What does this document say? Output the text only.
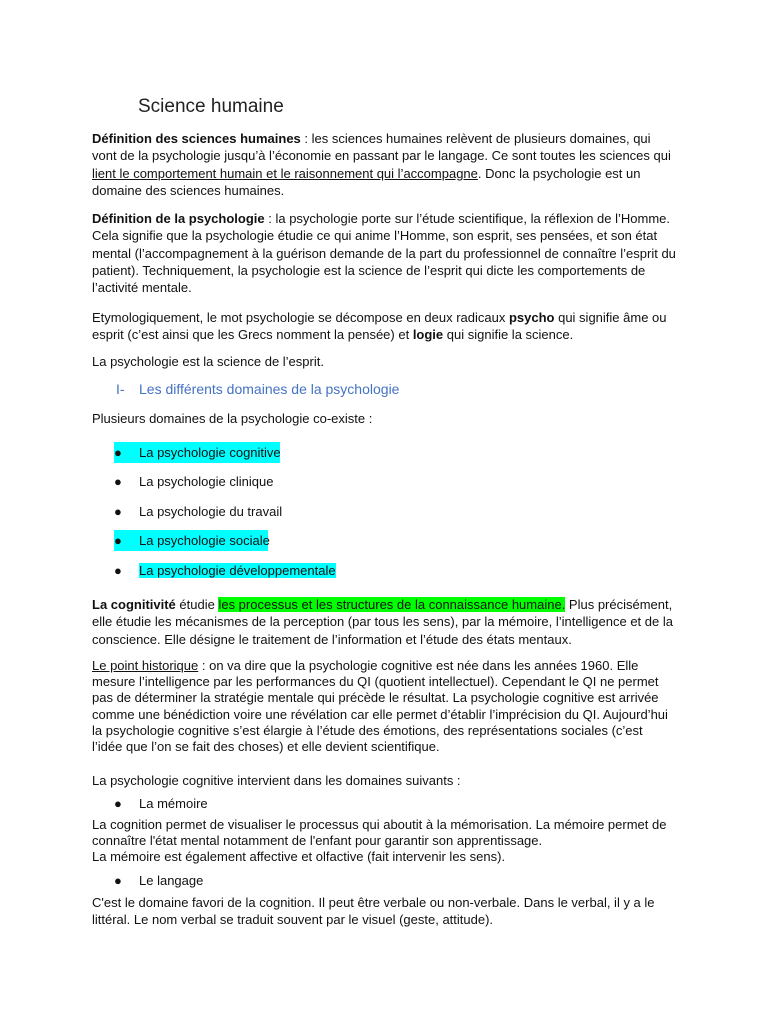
Science humaine

Définition des sciences humaines : les sciences humaines relèvent de plusieurs domaines, qui vont de la psychologie jusqu’à l’économie en passant par le langage. Ce sont toutes les sciences qui lient le comportement humain et le raisonnement qui l’accompagne. Donc la psychologie est un domaine des sciences humaines.

Définition de la psychologie : la psychologie porte sur l’étude scientifique, la réflexion de l’Homme. Cela signifie que la psychologie étudie ce qui anime l’Homme, son esprit, ses pensées, et son état mental (l’accompagnement à la guérison demande de la part du professionnel de connaître l’esprit du patient). Techniquement, la psychologie est la science de l’esprit qui dicte les comportements de l’activité mentale.

Etymologiquement, le mot psychologie se décompose en deux radicaux psycho qui signifie âme ou esprit (c’est ainsi que les Grecs nomment la pensée) et logie qui signifie la science.

La psychologie est la science de l’esprit.

I- Les différents domaines de la psychologie

Plusieurs domaines de la psychologie co-existe :

● La psychologie cognitive
● La psychologie clinique
● La psychologie du travail
● La psychologie sociale
● La psychologie développementale

La cognitivité étudie les processus et les structures de la connaissance humaine. Plus précisément, elle étudie les mécanismes de la perception (par tous les sens), par la mémoire, l’intelligence et de la conscience. Elle désigne le traitement de l’information et l’étude des états mentaux.

Le point historique : on va dire que la psychologie cognitive est née dans les années 1960. Elle mesure l’intelligence par les performances du QI (quotient intellectuel). Cependant le QI ne permet pas de déterminer la stratégie mentale qui précède le résultat. La psychologie cognitive est arrivée comme une bénédiction voire une révélation car elle permet d’établir l’imprécision du QI. Aujourd’hui la psychologie cognitive s’est élargie à l’étude des émotions, des représentations sociales (c’est l’idée que l’on se fait des choses) et elle devient scientifique.

La psychologie cognitive intervient dans les domaines suivants :

● La mémoire

La cognition permet de visualiser le processus qui aboutit à la mémorisation. La mémoire permet de connaître l'état mental notamment de l'enfant pour garantir son apprentissage.
La mémoire est également affective et olfactive (fait intervenir les sens).

● Le langage

C'est le domaine favori de la cognition. Il peut être verbale ou non-verbale. Dans le verbal, il y a le littéral. Le nom verbal se traduit souvent par le visuel (geste, attitude).
